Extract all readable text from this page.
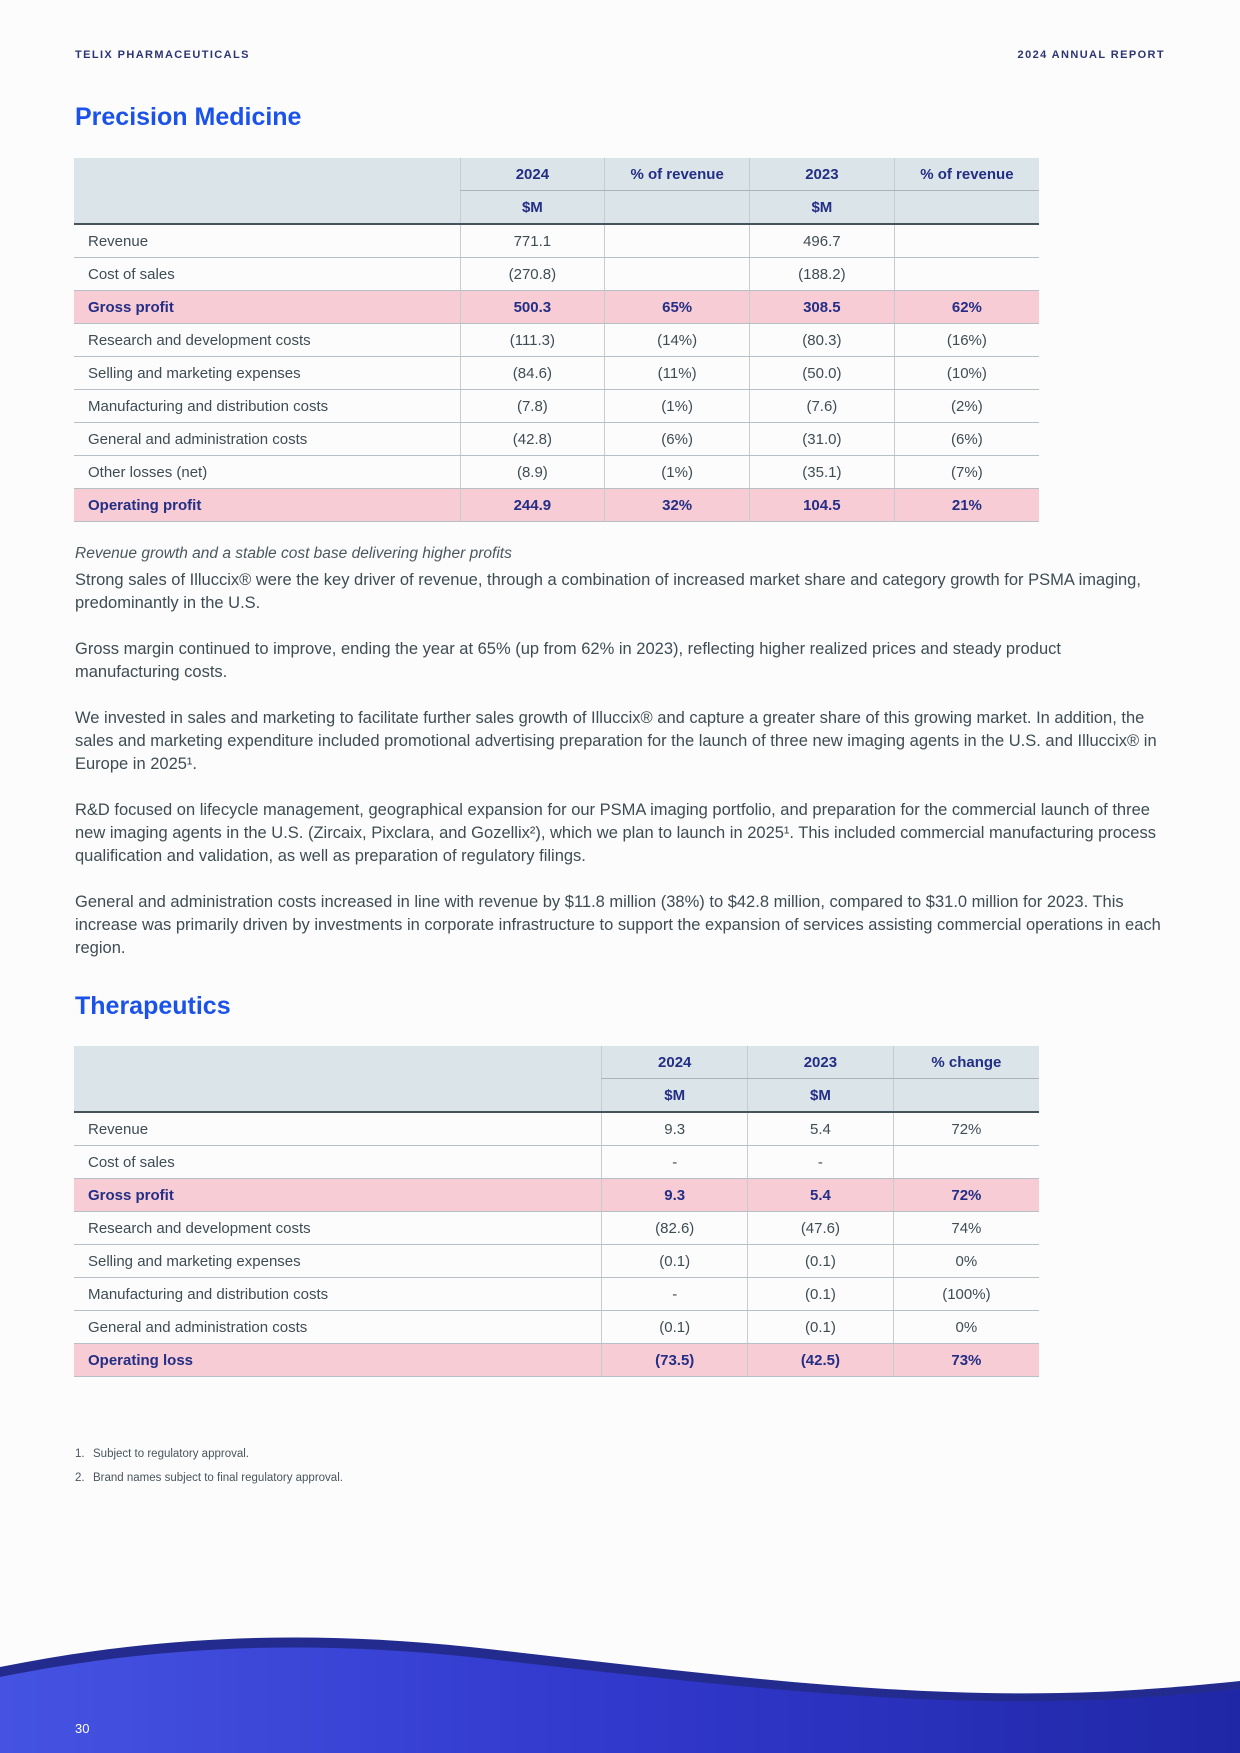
TELIX PHARMACEUTICALS	2024 ANNUAL REPORT
Precision Medicine
	2024	% of revenue	2023	% of revenue
	$M		$M	
Revenue	771.1		496.7	
Cost of sales	(270.8)		(188.2)	
Gross profit	500.3	65%	308.5	62%
Research and development costs	(111.3)	(14%)	(80.3)	(16%)
Selling and marketing expenses	(84.6)	(11%)	(50.0)	(10%)
Manufacturing and distribution costs	(7.8)	(1%)	(7.6)	(2%)
General and administration costs	(42.8)	(6%)	(31.0)	(6%)
Other losses (net)	(8.9)	(1%)	(35.1)	(7%)
Operating profit	244.9	32%	104.5	21%

Revenue growth and a stable cost base delivering higher profits

Strong sales of Illuccix® were the key driver of revenue, through a combination of increased market share and category growth for PSMA imaging, predominantly in the U.S.

Gross margin continued to improve, ending the year at 65% (up from 62% in 2023), reflecting higher realized prices and steady product manufacturing costs.

We invested in sales and marketing to facilitate further sales growth of Illuccix® and capture a greater share of this growing market. In addition, the sales and marketing expenditure included promotional advertising preparation for the launch of three new imaging agents in the U.S. and Illuccix® in Europe in 2025¹.

R&D focused on lifecycle management, geographical expansion for our PSMA imaging portfolio, and preparation for the commercial launch of three new imaging agents in the U.S. (Zircaix, Pixclara, and Gozellix²), which we plan to launch in 2025¹. This included commercial manufacturing process qualification and validation, as well as preparation of regulatory filings.

General and administration costs increased in line with revenue by $11.8 million (38%) to $42.8 million, compared to $31.0 million for 2023. This increase was primarily driven by investments in corporate infrastructure to support the expansion of services assisting commercial operations in each region.

Therapeutics
	2024	2023	% change
	$M	$M	
Revenue	9.3	5.4	72%
Cost of sales	-	-	
Gross profit	9.3	5.4	72%
Research and development costs	(82.6)	(47.6)	74%
Selling and marketing expenses	(0.1)	(0.1)	0%
Manufacturing and distribution costs	-	(0.1)	(100%)
General and administration costs	(0.1)	(0.1)	0%
Operating loss	(73.5)	(42.5)	73%
1. Subject to regulatory approval.
2. Brand names subject to final regulatory approval.
30
